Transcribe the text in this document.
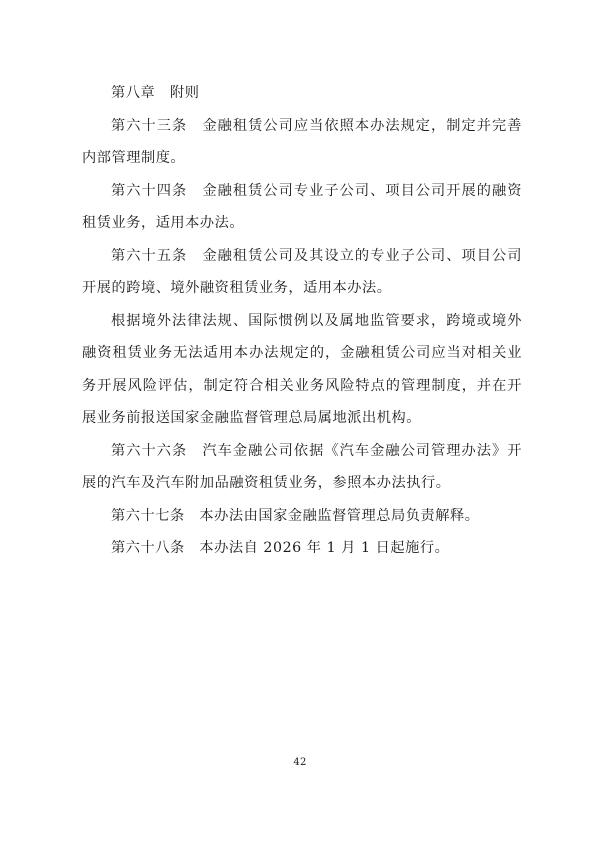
第八章　附则

第六十三条　金融租赁公司应当依照本办法规定，制定并完善内部管理制度。

第六十四条　金融租赁公司专业子公司、项目公司开展的融资租赁业务，适用本办法。

第六十五条　金融租赁公司及其设立的专业子公司、项目公司开展的跨境、境外融资租赁业务，适用本办法。

根据境外法律法规、国际惯例以及属地监管要求，跨境或境外融资租赁业务无法适用本办法规定的，金融租赁公司应当对相关业务开展风险评估，制定符合相关业务风险特点的管理制度，并在开展业务前报送国家金融监督管理总局属地派出机构。

第六十六条　汽车金融公司依据《汽车金融公司管理办法》开展的汽车及汽车附加品融资租赁业务，参照本办法执行。

第六十七条　本办法由国家金融监督管理总局负责解释。

第六十八条　本办法自 2026 年 1 月 1 日起施行。

42
